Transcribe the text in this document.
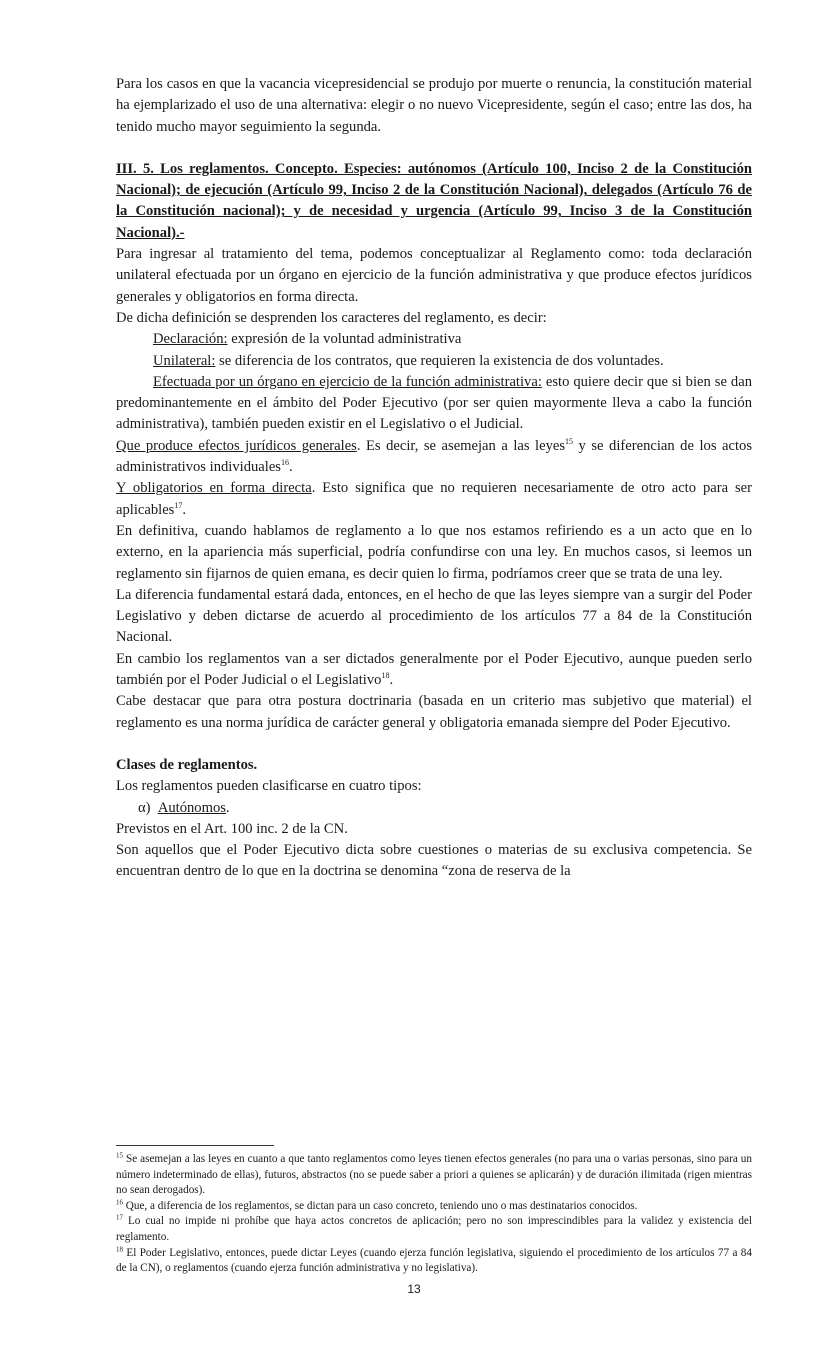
Para los casos en que la vacancia vicepresidencial se produjo por muerte o renuncia, la constitución material ha ejemplarizado el uso de una alternativa: elegir o no nuevo Vicepresidente, según el caso; entre las dos, ha tenido mucho mayor seguimiento la segunda.

III. 5. Los reglamentos. Concepto. Especies: autónomos (Artículo 100, Inciso 2 de la Constitución Nacional); de ejecución (Artículo 99, Inciso 2 de la Constitución Nacional), delegados (Artículo 76 de la Constitución nacional); y de necesidad y urgencia (Artículo 99, Inciso 3 de la Constitución Nacional).-

Para ingresar al tratamiento del tema, podemos conceptualizar al Reglamento como: toda declaración unilateral efectuada por un órgano en ejercicio de la función administrativa y que produce efectos jurídicos generales y obligatorios en forma directa.

De dicha definición se desprenden los caracteres del reglamento, es decir:

Declaración: expresión de la voluntad administrativa

Unilateral: se diferencia de los contratos, que requieren la existencia de dos voluntades.

Efectuada por un órgano en ejercicio de la función administrativa: esto quiere decir que si bien se dan predominantemente en el ámbito del Poder Ejecutivo (por ser quien mayormente lleva a cabo la función administrativa), también pueden existir en el Legislativo o el Judicial.

Que produce efectos jurídicos generales. Es decir, se asemejan a las leyes$^{15}$ y se diferencian de los actos administrativos individuales$^{16}$.

Y obligatorios en forma directa. Esto significa que no requieren necesariamente de otro acto para ser aplicables$^{17}$.

En definitiva, cuando hablamos de reglamento a lo que nos estamos refiriendo es a un acto que en lo externo, en la apariencia más superficial, podría confundirse con una ley. En muchos casos, si leemos un reglamento sin fijarnos de quien emana, es decir quien lo firma, podríamos creer que se trata de una ley.

La diferencia fundamental estará dada, entonces, en el hecho de que las leyes siempre van a surgir del Poder Legislativo y deben dictarse de acuerdo al procedimiento de los artículos 77 a 84 de la Constitución Nacional.

En cambio los reglamentos van a ser dictados generalmente por el Poder Ejecutivo, aunque pueden serlo también por el Poder Judicial o el Legislativo$^{18}$.

Cabe destacar que para otra postura doctrinaria (basada en un criterio mas subjetivo que material) el reglamento es una norma jurídica de carácter general y obligatoria emanada siempre del Poder Ejecutivo.

Clases de reglamentos.

Los reglamentos pueden clasificarse en cuatro tipos:

α) Autónomos.

Previstos en el Art. 100 inc. 2 de la CN.

Son aquellos que el Poder Ejecutivo dicta sobre cuestiones o materias de su exclusiva competencia. Se encuentran dentro de lo que en la doctrina se denomina “zona de reserva de la

$^{15}$ Se asemejan a las leyes en cuanto a que tanto reglamentos como leyes tienen efectos generales (no para una o varias personas, sino para un número indeterminado de ellas), futuros, abstractos (no se puede saber a priori a quienes se aplicarán) y de duración ilimitada (rigen mientras no sean derogados).

$^{16}$ Que, a diferencia de los reglamentos, se dictan para un caso concreto, teniendo uno o mas destinatarios conocidos.

$^{17}$ Lo cual no impide ni prohíbe que haya actos concretos de aplicación; pero no son imprescindibles para la validez y existencia del reglamento.

$^{18}$ El Poder Legislativo, entonces, puede dictar Leyes (cuando ejerza función legislativa, siguiendo el procedimiento de los artículos 77 a 84 de la CN), o reglamentos (cuando ejerza función administrativa y no legislativa).

13
